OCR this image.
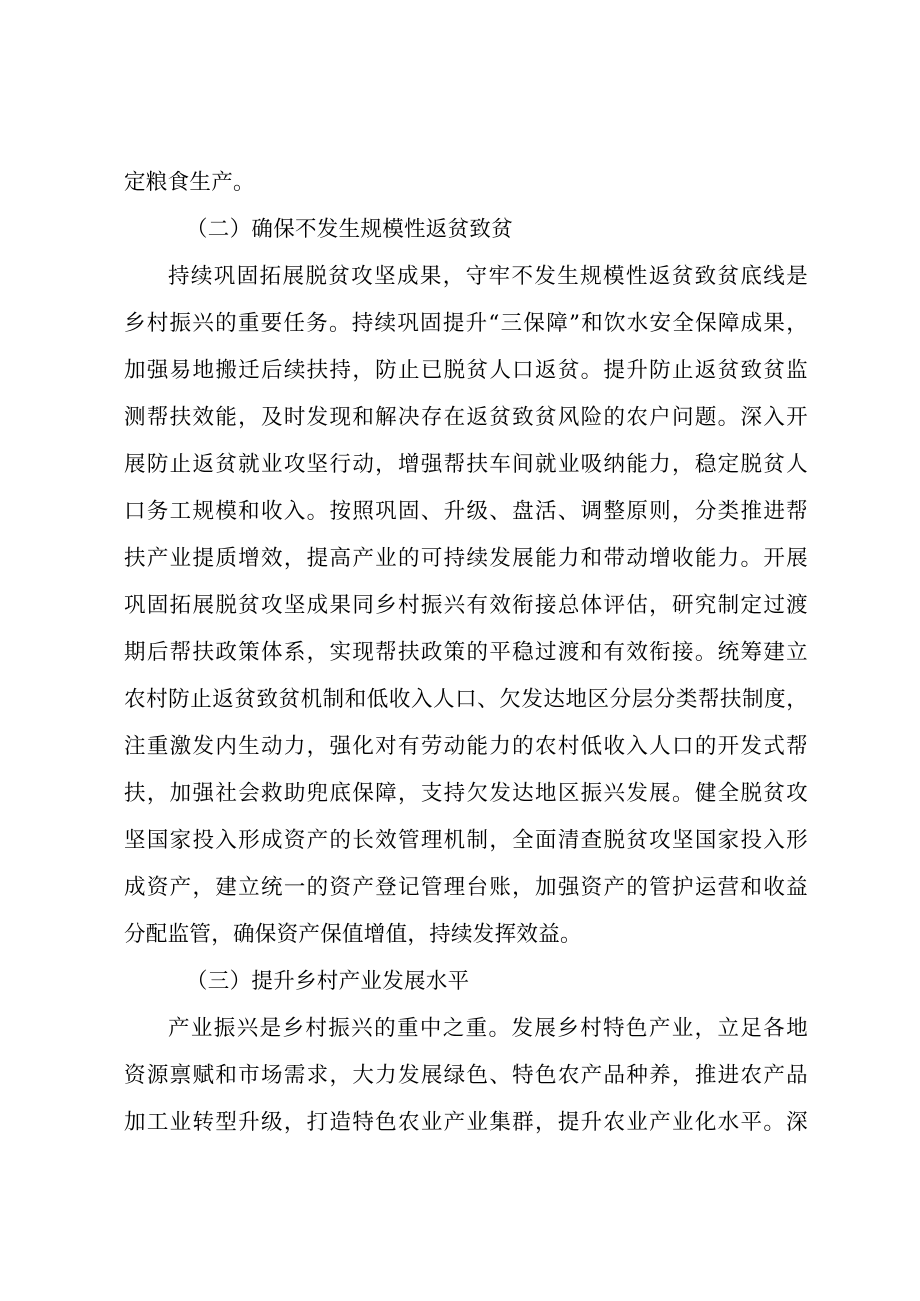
定粮食生产。
（二）确保不发生规模性返贫致贫
持续巩固拓展脱贫攻坚成果，守牢不发生规模性返贫致贫底线是
乡村振兴的重要任务。持续巩固提升“三保障”和饮水安全保障成果，
加强易地搬迁后续扶持，防止已脱贫人口返贫。提升防止返贫致贫监
测帮扶效能，及时发现和解决存在返贫致贫风险的农户问题。深入开
展防止返贫就业攻坚行动，增强帮扶车间就业吸纳能力，稳定脱贫人
口务工规模和收入。按照巩固、升级、盘活、调整原则，分类推进帮
扶产业提质增效，提高产业的可持续发展能力和带动增收能力。开展
巩固拓展脱贫攻坚成果同乡村振兴有效衔接总体评估，研究制定过渡
期后帮扶政策体系，实现帮扶政策的平稳过渡和有效衔接。统筹建立
农村防止返贫致贫机制和低收入人口、欠发达地区分层分类帮扶制度，
注重激发内生动力，强化对有劳动能力的农村低收入人口的开发式帮
扶，加强社会救助兜底保障，支持欠发达地区振兴发展。健全脱贫攻
坚国家投入形成资产的长效管理机制，全面清查脱贫攻坚国家投入形
成资产，建立统一的资产登记管理台账，加强资产的管护运营和收益
分配监管，确保资产保值增值，持续发挥效益。
（三）提升乡村产业发展水平
产业振兴是乡村振兴的重中之重。发展乡村特色产业，立足各地
资源禀赋和市场需求，大力发展绿色、特色农产品种养，推进农产品
加工业转型升级，打造特色农业产业集群，提升农业产业化水平。深
